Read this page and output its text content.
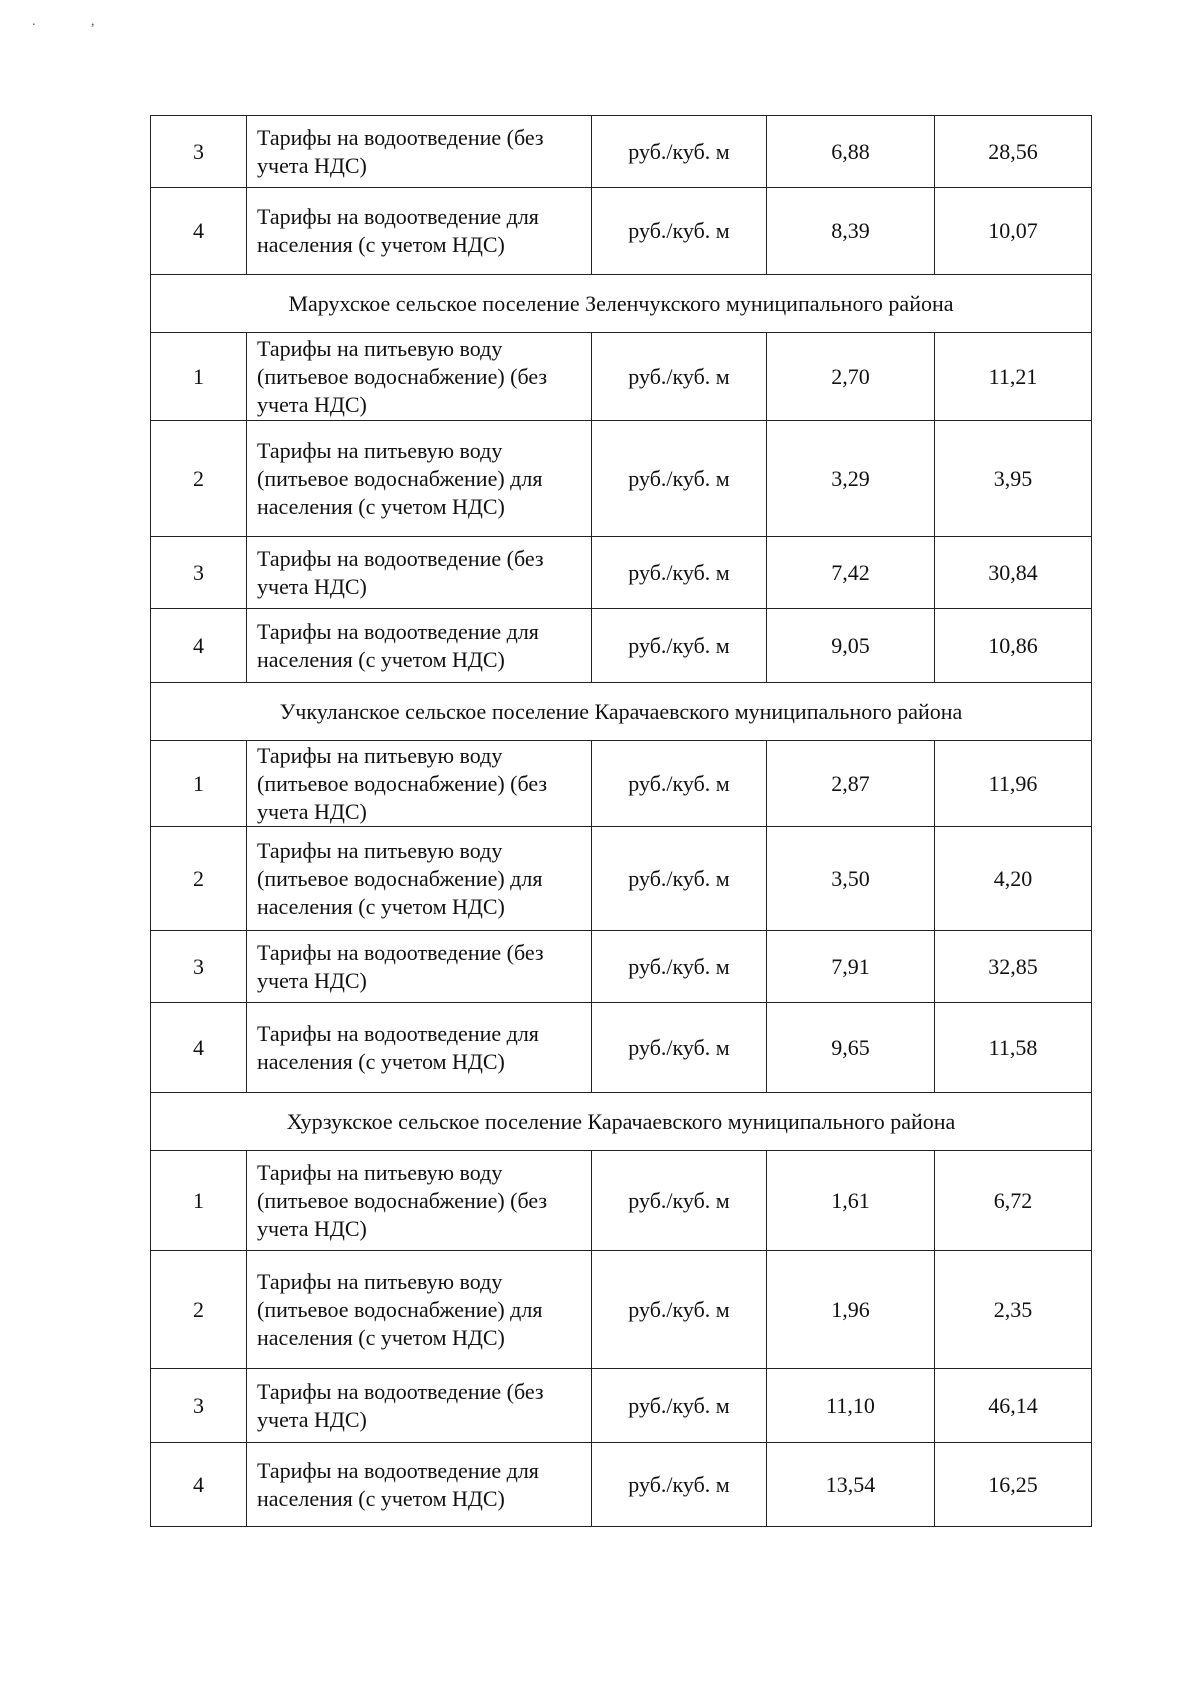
. ,
3	Тарифы на водоотведение (без учета НДС)	руб./куб. м	6,88	28,56
4	Тарифы на водоотведение для населения (с учетом НДС)	руб./куб. м	8,39	10,07
Марухское сельское поселение Зеленчукского муниципального района				
1	Тарифы на питьевую воду (питьевое водоснабжение) (без учета НДС)	руб./куб. м	2,70	11,21
2	Тарифы на питьевую воду (питьевое водоснабжение) для населения (с учетом НДС)	руб./куб. м	3,29	3,95
3	Тарифы на водоотведение (без учета НДС)	руб./куб. м	7,42	30,84
4	Тарифы на водоотведение для населения (с учетом НДС)	руб./куб. м	9,05	10,86
Учкуланское сельское поселение Карачаевского муниципального района				
1	Тарифы на питьевую воду (питьевое водоснабжение) (без учета НДС)	руб./куб. м	2,87	11,96
2	Тарифы на питьевую воду (питьевое водоснабжение) для населения (с учетом НДС)	руб./куб. м	3,50	4,20
3	Тарифы на водоотведение (без учета НДС)	руб./куб. м	7,91	32,85
4	Тарифы на водоотведение для населения (с учетом НДС)	руб./куб. м	9,65	11,58
Хурзукское сельское поселение Карачаевского муниципального района				
1	Тарифы на питьевую воду (питьевое водоснабжение) (без учета НДС)	руб./куб. м	1,61	6,72
2	Тарифы на питьевую воду (питьевое водоснабжение) для населения (с учетом НДС)	руб./куб. м	1,96	2,35
3	Тарифы на водоотведение (без учета НДС)	руб./куб. м	11,10	46,14
4	Тарифы на водоотведение для населения (с учетом НДС)	руб./куб. м	13,54	16,25
